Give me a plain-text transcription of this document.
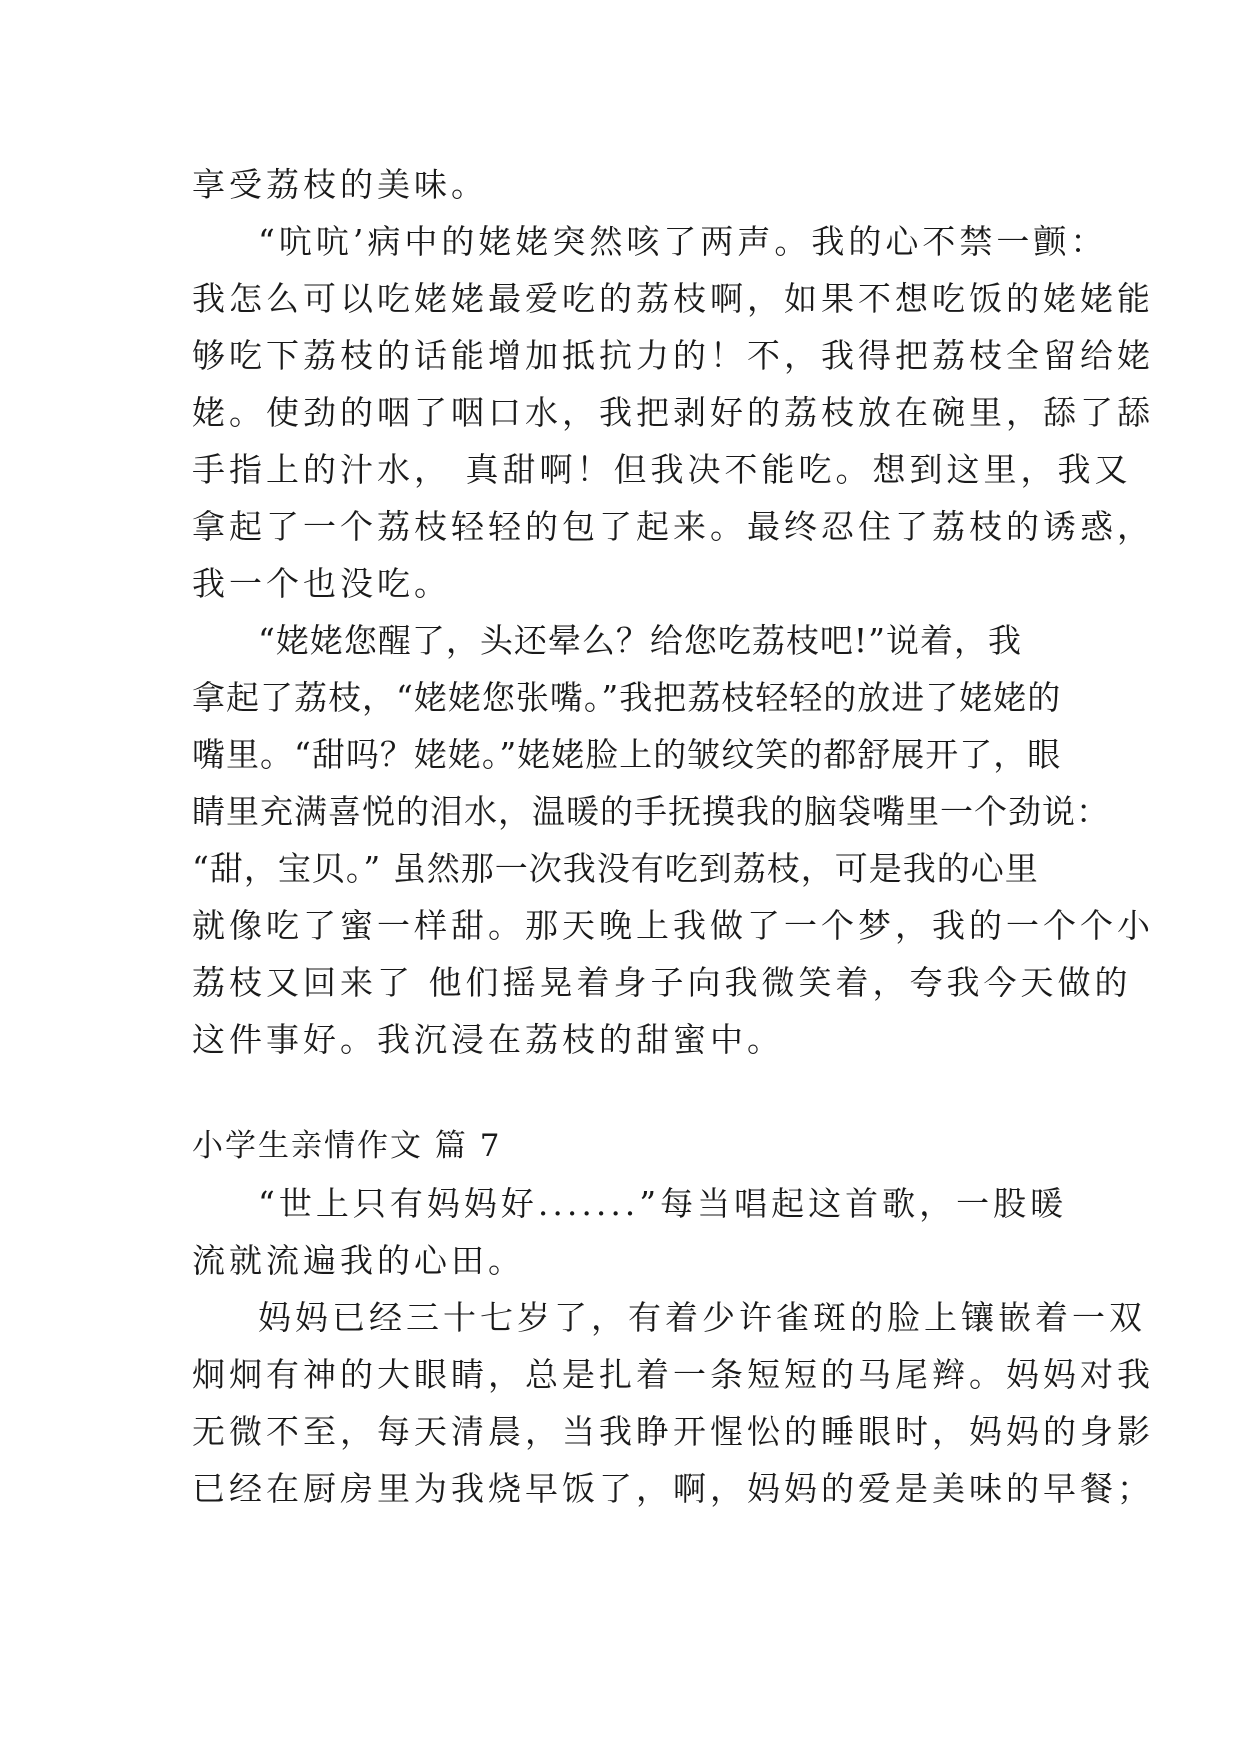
享受荔枝的美味。
“吭吭’病中的姥姥突然咳了两声。我的心不禁一颤：
我怎么可以吃姥姥最爱吃的荔枝啊，如果不想吃饭的姥姥能
够吃下荔枝的话能增加抵抗力的！不，我得把荔枝全留给姥
姥。使劲的咽了咽口水，我把剥好的荔枝放在碗里，舔了舔
手指上的汁水， 真甜啊！但我决不能吃。想到这里，我又
拿起了一个荔枝轻轻的包了起来。最终忍住了荔枝的诱惑，
我一个也没吃。
“姥姥您醒了，头还晕么？给您吃荔枝吧!”说着，我
拿起了荔枝，“姥姥您张嘴。”我把荔枝轻轻的放进了姥姥的
嘴里。“甜吗？姥姥。”姥姥脸上的皱纹笑的都舒展开了，眼
睛里充满喜悦的泪水，温暖的手抚摸我的脑袋嘴里一个劲说：
“甜，宝贝。” 虽然那一次我没有吃到荔枝，可是我的心里
就像吃了蜜一样甜。那天晚上我做了一个梦，我的一个个小
荔枝又回来了 他们摇晃着身子向我微笑着，夸我今天做的
这件事好。我沉浸在荔枝的甜蜜中。
小学生亲情作文 篇 7
“世上只有妈妈好.......”每当唱起这首歌，一股暖
流就流遍我的心田。
妈妈已经三十七岁了，有着少许雀斑的脸上镶嵌着一双
炯炯有神的大眼睛，总是扎着一条短短的马尾辫。妈妈对我
无微不至，每天清晨，当我睁开惺忪的睡眼时，妈妈的身影
已经在厨房里为我烧早饭了，啊，妈妈的爱是美味的早餐；
